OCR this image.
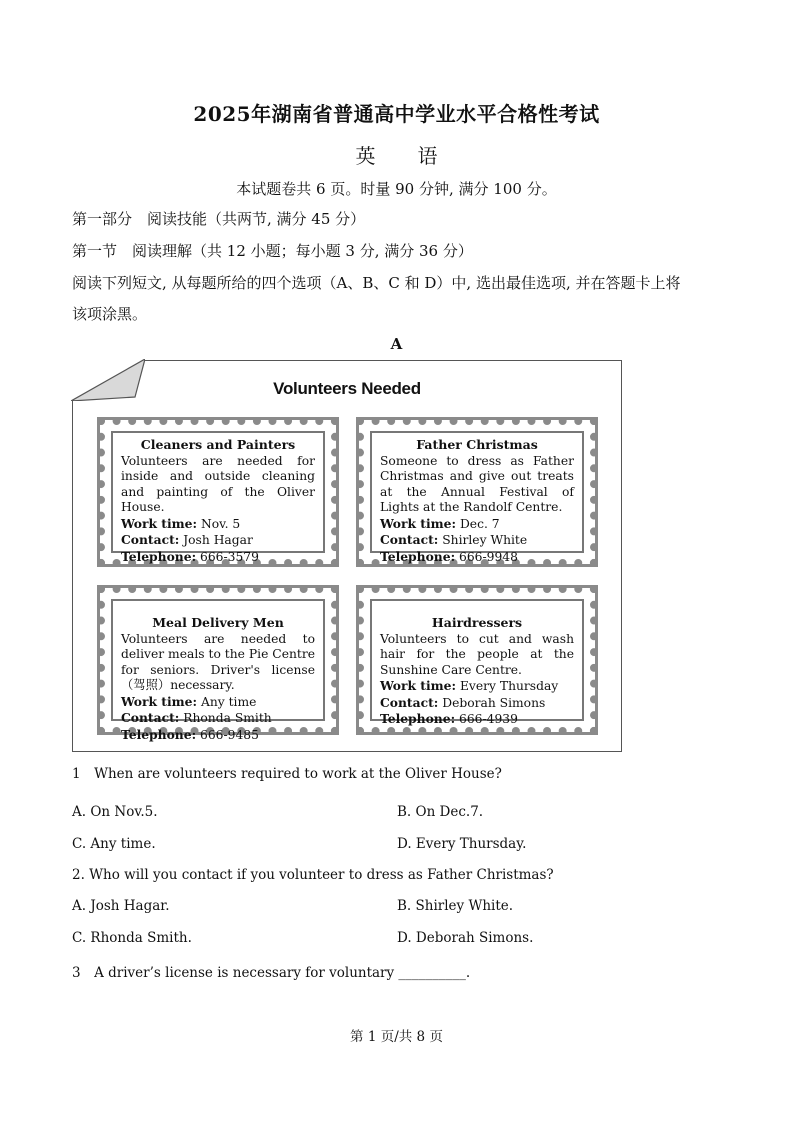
2025年湖南省普通高中学业水平合格性考试
英语
本试题卷共 6 页。时量 90 分钟, 满分 100 分。
第一部分　阅读技能（共两节, 满分 45 分）
第一节　阅读理解（共 12 小题；每小题 3 分, 满分 36 分）
阅读下列短文, 从每题所给的四个选项（A、B、C 和 D）中, 选出最佳选项, 并在答题卡上将
该项涂黑。
A
Volunteers Needed
Cleaners and Painters
Volunteers are needed for inside and outside cleaning and painting of the Oliver House.
Work time: Nov. 5
Contact: Josh Hagar
Telephone: 666-3579
Father Christmas
Someone to dress as Father Christmas and give out treats at the Annual Festival of Lights at the Randolf Centre.
Work time: Dec. 7
Contact: Shirley White
Telephone: 666-9948
Meal Delivery Men
Volunteers are needed to deliver meals to the Pie Centre for seniors. Driver's license（驾照）necessary.
Work time: Any time
Contact: Rhonda Smith
Telephone: 666-9485
Hairdressers
Volunteers to cut and wash hair for the people at the Sunshine Care Centre.
Work time: Every Thursday
Contact: Deborah Simons
Telephone: 666-4939
1　When are volunteers required to work at the Oliver House?
A. On Nov.5.	B. On Dec.7.
C. Any time.	D. Every Thursday.
2. Who will you contact if you volunteer to dress as Father Christmas?
A. Josh Hagar.	B. Shirley White.
C. Rhonda Smith.	D. Deborah Simons.
3　A driver’s license is necessary for voluntary __________.
第 1 页/共 8 页
